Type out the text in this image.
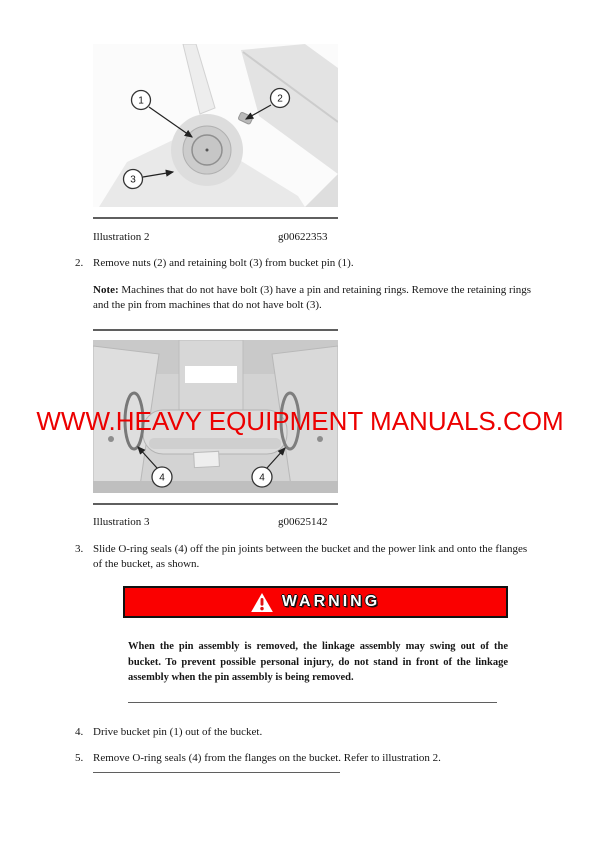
1	2
3
Illustration 2	g00622353
2. Remove nuts (2) and retaining bolt (3) from bucket pin (1).
Note: Machines that do not have bolt (3) have a pin and retaining rings. Remove the retaining rings and the pin from machines that do not have bolt (3).
4	4
WWW.HEAVY EQUIPMENT MANUALS.COM
Illustration 3	g00625142
3. Slide O-ring seals (4) off the pin joints between the bucket and the power link and onto the flanges of the bucket, as shown.
WARNING
When the pin assembly is removed, the linkage assembly may swing out of the bucket. To prevent possible personal injury, do not stand in front of the linkage assembly when the pin assembly is being removed.
4. Drive bucket pin (1) out of the bucket.
5. Remove O-ring seals (4) from the flanges on the bucket. Refer to illustration 2.
